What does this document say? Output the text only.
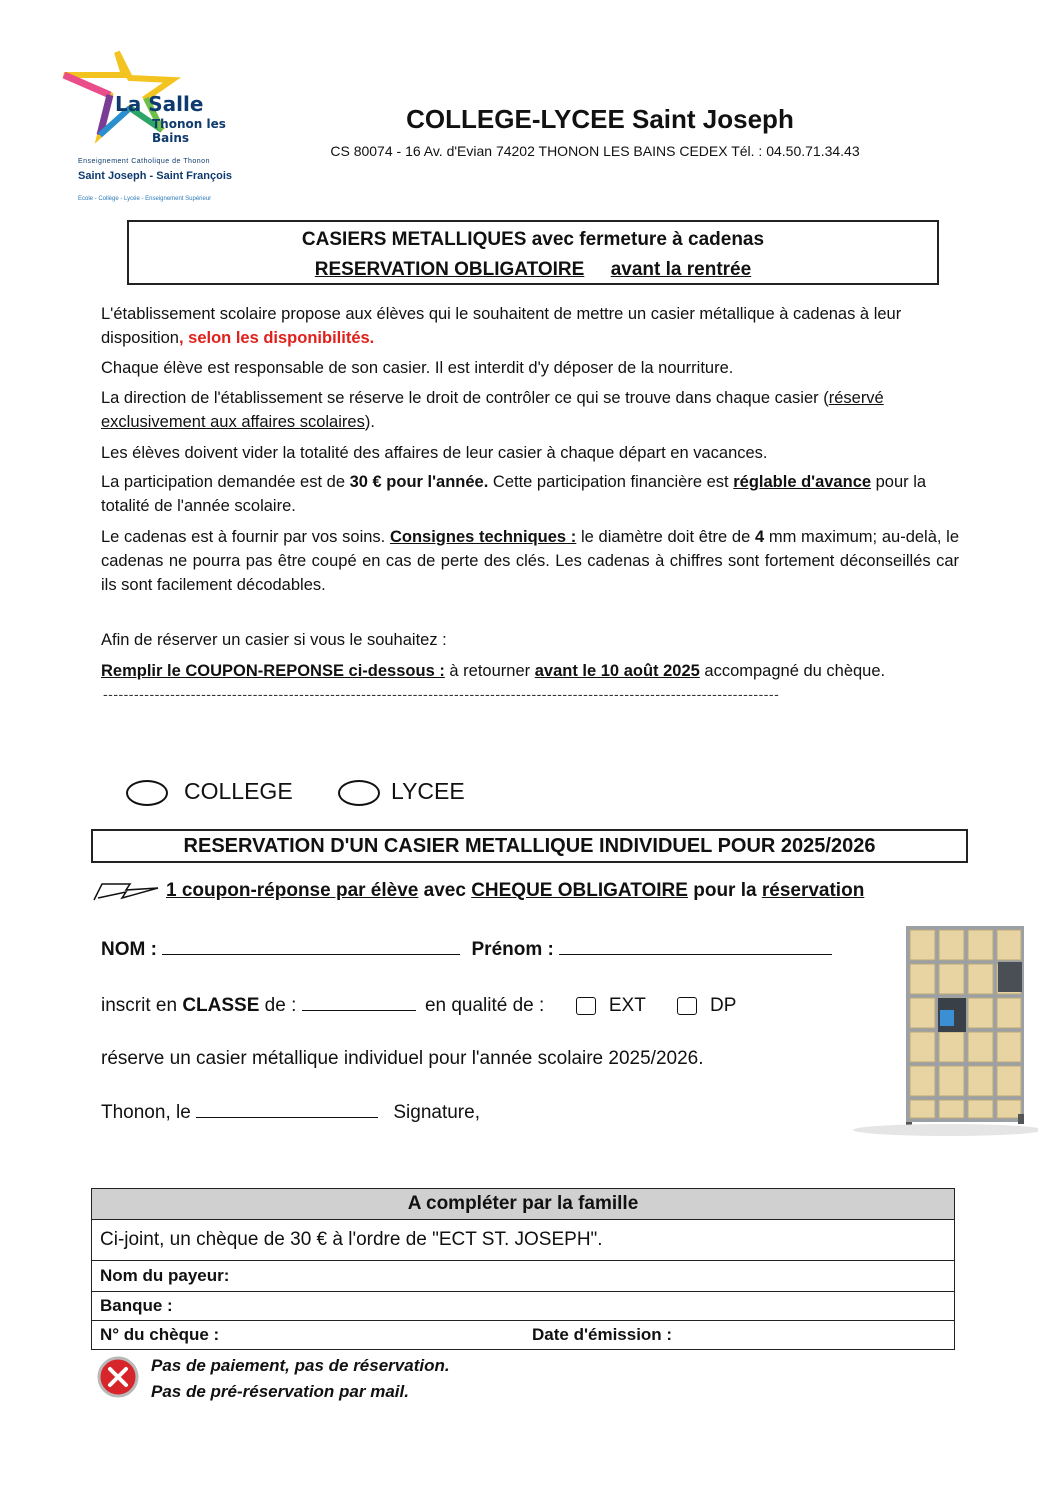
La Salle
Thonon les Bains
Enseignement Catholique de Thonon
Saint Joseph - Saint François
Ecole - Collège - Lycée - Enseignement Supérieur
COLLEGE-LYCEE Saint Joseph
CS 80074 - 16 Av. d'Evian 74202 THONON LES BAINS CEDEX Tél. : 04.50.71.34.43
CASIERS METALLIQUES avec fermeture à cadenas
RESERVATION OBLIGATOIRE avant la rentrée
L'établissement scolaire propose aux élèves qui le souhaitent de mettre un casier métallique à cadenas à leur disposition, selon les disponibilités.
Chaque élève est responsable de son casier. Il est interdit d'y déposer de la nourriture.
La direction de l'établissement se réserve le droit de contrôler ce qui se trouve dans chaque casier (réservé exclusivement aux affaires scolaires).
Les élèves doivent vider la totalité des affaires de leur casier à chaque départ en vacances.
La participation demandée est de 30 € pour l'année. Cette participation financière est réglable d'avance pour la totalité de l'année scolaire.
Le cadenas est à fournir par vos soins. Consignes techniques : le diamètre doit être de 4 mm maximum; au-delà, le cadenas ne pourra pas être coupé en cas de perte des clés. Les cadenas à chiffres sont fortement déconseillés car ils sont facilement décodables.
Afin de réserver un casier si vous le souhaitez :
Remplir le COUPON-REPONSE ci-dessous : à retourner avant le 10 août 2025 accompagné du chèque.
-----------------------------------------------------------------------------------------------------------------------------------
COLLEGE	LYCEE
RESERVATION D'UN CASIER METALLIQUE INDIVIDUEL POUR 2025/2026
1 coupon-réponse par élève avec CHEQUE OBLIGATOIRE pour la réservation
NOM :	Prénom :
inscrit en CLASSE de :	en qualité de :	EXT	DP
réserve un casier métallique individuel pour l'année scolaire 2025/2026.
Thonon, le	Signature,
A compléter par la famille
Ci-joint, un chèque de 30 € à l'ordre de "ECT ST. JOSEPH".
Nom du payeur:
Banque :
N° du chèque :	Date d'émission :
Pas de paiement, pas de réservation.
Pas de pré-réservation par mail.
